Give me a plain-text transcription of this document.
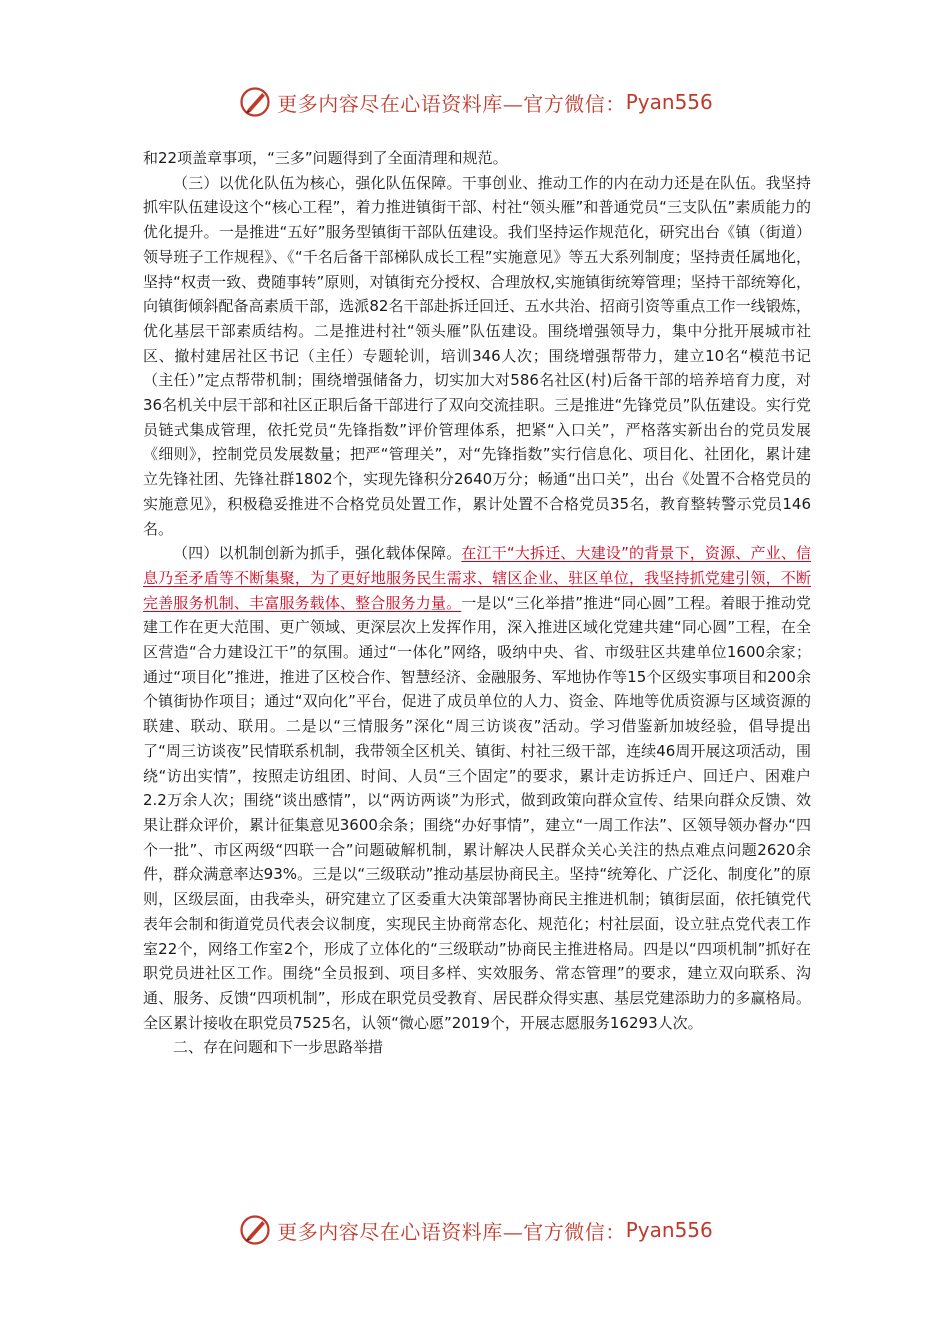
更多内容尽在心语资料库—官方微信： Pyan556

和22项盖章事项，“三多”问题得到了全面清理和规范。

（三）以优化队伍为核心，强化队伍保障。干事创业、推动工作的内在动力还是在队伍。我坚持抓牢队伍建设这个“核心工程”，着力推进镇街干部、村社“领头雁”和普通党员“三支队伍”素质能力的优化提升。一是推进“五好”服务型镇街干部队伍建设。我们坚持运作规范化，研究出台《镇（街道）领导班子工作规程》、《“千名后备干部梯队成长工程”实施意见》等五大系列制度；坚持责任属地化，坚持“权责一致、费随事转”原则，对镇街充分授权、合理放权,实施镇街统筹管理；坚持干部统筹化，向镇街倾斜配备高素质干部，选派82名干部赴拆迁回迁、五水共治、招商引资等重点工作一线锻炼，优化基层干部素质结构。二是推进村社“领头雁”队伍建设。围绕增强领导力，集中分批开展城市社区、撤村建居社区书记（主任）专题轮训，培训346人次；围绕增强帮带力，建立10名“模范书记（主任）”定点帮带机制；围绕增强储备力，切实加大对586名社区(村)后备干部的培养培育力度，对36名机关中层干部和社区正职后备干部进行了双向交流挂职。三是推进“先锋党员”队伍建设。实行党员链式集成管理，依托党员“先锋指数”评价管理体系，把紧“入口关”，严格落实新出台的党员发展《细则》，控制党员发展数量；把严“管理关”，对“先锋指数”实行信息化、项目化、社团化，累计建立先锋社团、先锋社群1802个，实现先锋积分2640万分；畅通“出口关”，出台《处置不合格党员的实施意见》，积极稳妥推进不合格党员处置工作，累计处置不合格党员35名，教育整转警示党员146名。

（四）以机制创新为抓手，强化载体保障。在江干“大拆迁、大建设”的背景下，资源、产业、信息乃至矛盾等不断集聚，为了更好地服务民生需求、辖区企业、驻区单位，我坚持抓党建引领，不断完善服务机制、丰富服务载体、整合服务力量。一是以“三化举措”推进“同心圆”工程。着眼于推动党建工作在更大范围、更广领域、更深层次上发挥作用，深入推进区域化党建共建“同心圆”工程，在全区营造“合力建设江干”的氛围。通过“一体化”网络，吸纳中央、省、市级驻区共建单位1600余家；通过“项目化”推进，推进了区校合作、智慧经济、金融服务、军地协作等15个区级实事项目和200余个镇街协作项目；通过“双向化”平台，促进了成员单位的人力、资金、阵地等优质资源与区域资源的联建、联动、联用。二是以“三情服务”深化“周三访谈夜”活动。学习借鉴新加坡经验，倡导提出了“周三访谈夜”民情联系机制，我带领全区机关、镇街、村社三级干部，连续46周开展这项活动，围绕“访出实情”，按照走访组团、时间、人员“三个固定”的要求，累计走访拆迁户、回迁户、困难户2.2万余人次；围绕“谈出感情”，以“两访两谈”为形式，做到政策向群众宣传、结果向群众反馈、效果让群众评价，累计征集意见3600余条；围绕“办好事情”，建立“一周工作法”、区领导领办督办“四个一批”、市区两级“四联一合”问题破解机制，累计解决人民群众关心关注的热点难点问题2620余件，群众满意率达93%。三是以“三级联动”推动基层协商民主。坚持“统筹化、广泛化、制度化”的原则，区级层面，由我牵头，研究建立了区委重大决策部署协商民主推进机制；镇街层面，依托镇党代表年会制和街道党员代表会议制度，实现民主协商常态化、规范化；村社层面，设立驻点党代表工作室22个，网络工作室2个，形成了立体化的“三级联动”协商民主推进格局。四是以“四项机制”抓好在职党员进社区工作。围绕“全员报到、项目多样、实效服务、常态管理”的要求，建立双向联系、沟通、服务、反馈“四项机制”，形成在职党员受教育、居民群众得实惠、基层党建添助力的多赢格局。全区累计接收在职党员7525名，认领“微心愿”2019个，开展志愿服务16293人次。

二、存在问题和下一步思路举措

更多内容尽在心语资料库—官方微信： Pyan556
